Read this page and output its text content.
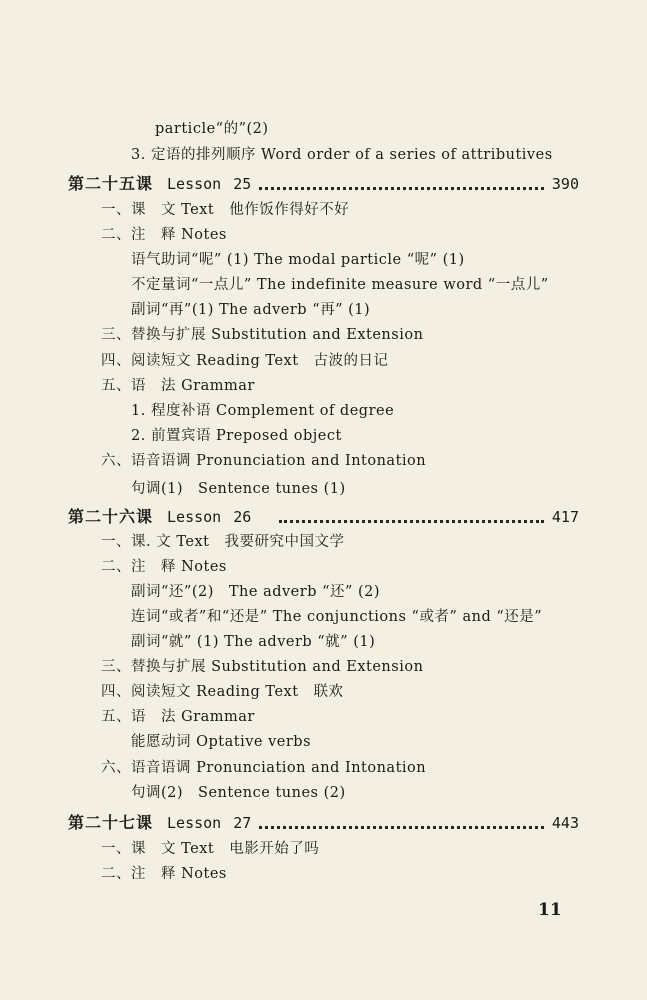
particle“的”(2)
3. 定语的排列顺序 Word order of a series of attributives
第二十五课 Lesson 25	390
一、课　文 Text　他作饭作得好不好
二、注　释 Notes
语气助词“呢” (1) The modal particle “呢” (1)
不定量词“一点儿” The indefinite measure word “一点儿”
副词“再”(1) The adverb “再” (1)
三、替换与扩展 Substitution and Extension
四、阅读短文 Reading Text　古波的日记
五、语　法 Grammar
1. 程度补语 Complement of degree
2. 前置宾语 Preposed object
六、语音语调 Pronunciation and Intonation
句调(1)　Sentence tunes (1)
第二十六课 Lesson 26	417
一、课. 文 Text　我要研究中国文学
二、注　释 Notes
副词“还”(2)　The adverb “还” (2)
连词“或者”和“还是” The conjunctions “或者” and “还是”
副词“就” (1) The adverb “就” (1)
三、替换与扩展 Substitution and Extension
四、阅读短文 Reading Text　联欢
五、语　法 Grammar
能愿动词 Optative verbs
六、语音语调 Pronunciation and Intonation
句调(2)　Sentence tunes (2)
第二十七课 Lesson 27	443
一、课　文 Text　电影开始了吗
二、注　释 Notes
11
